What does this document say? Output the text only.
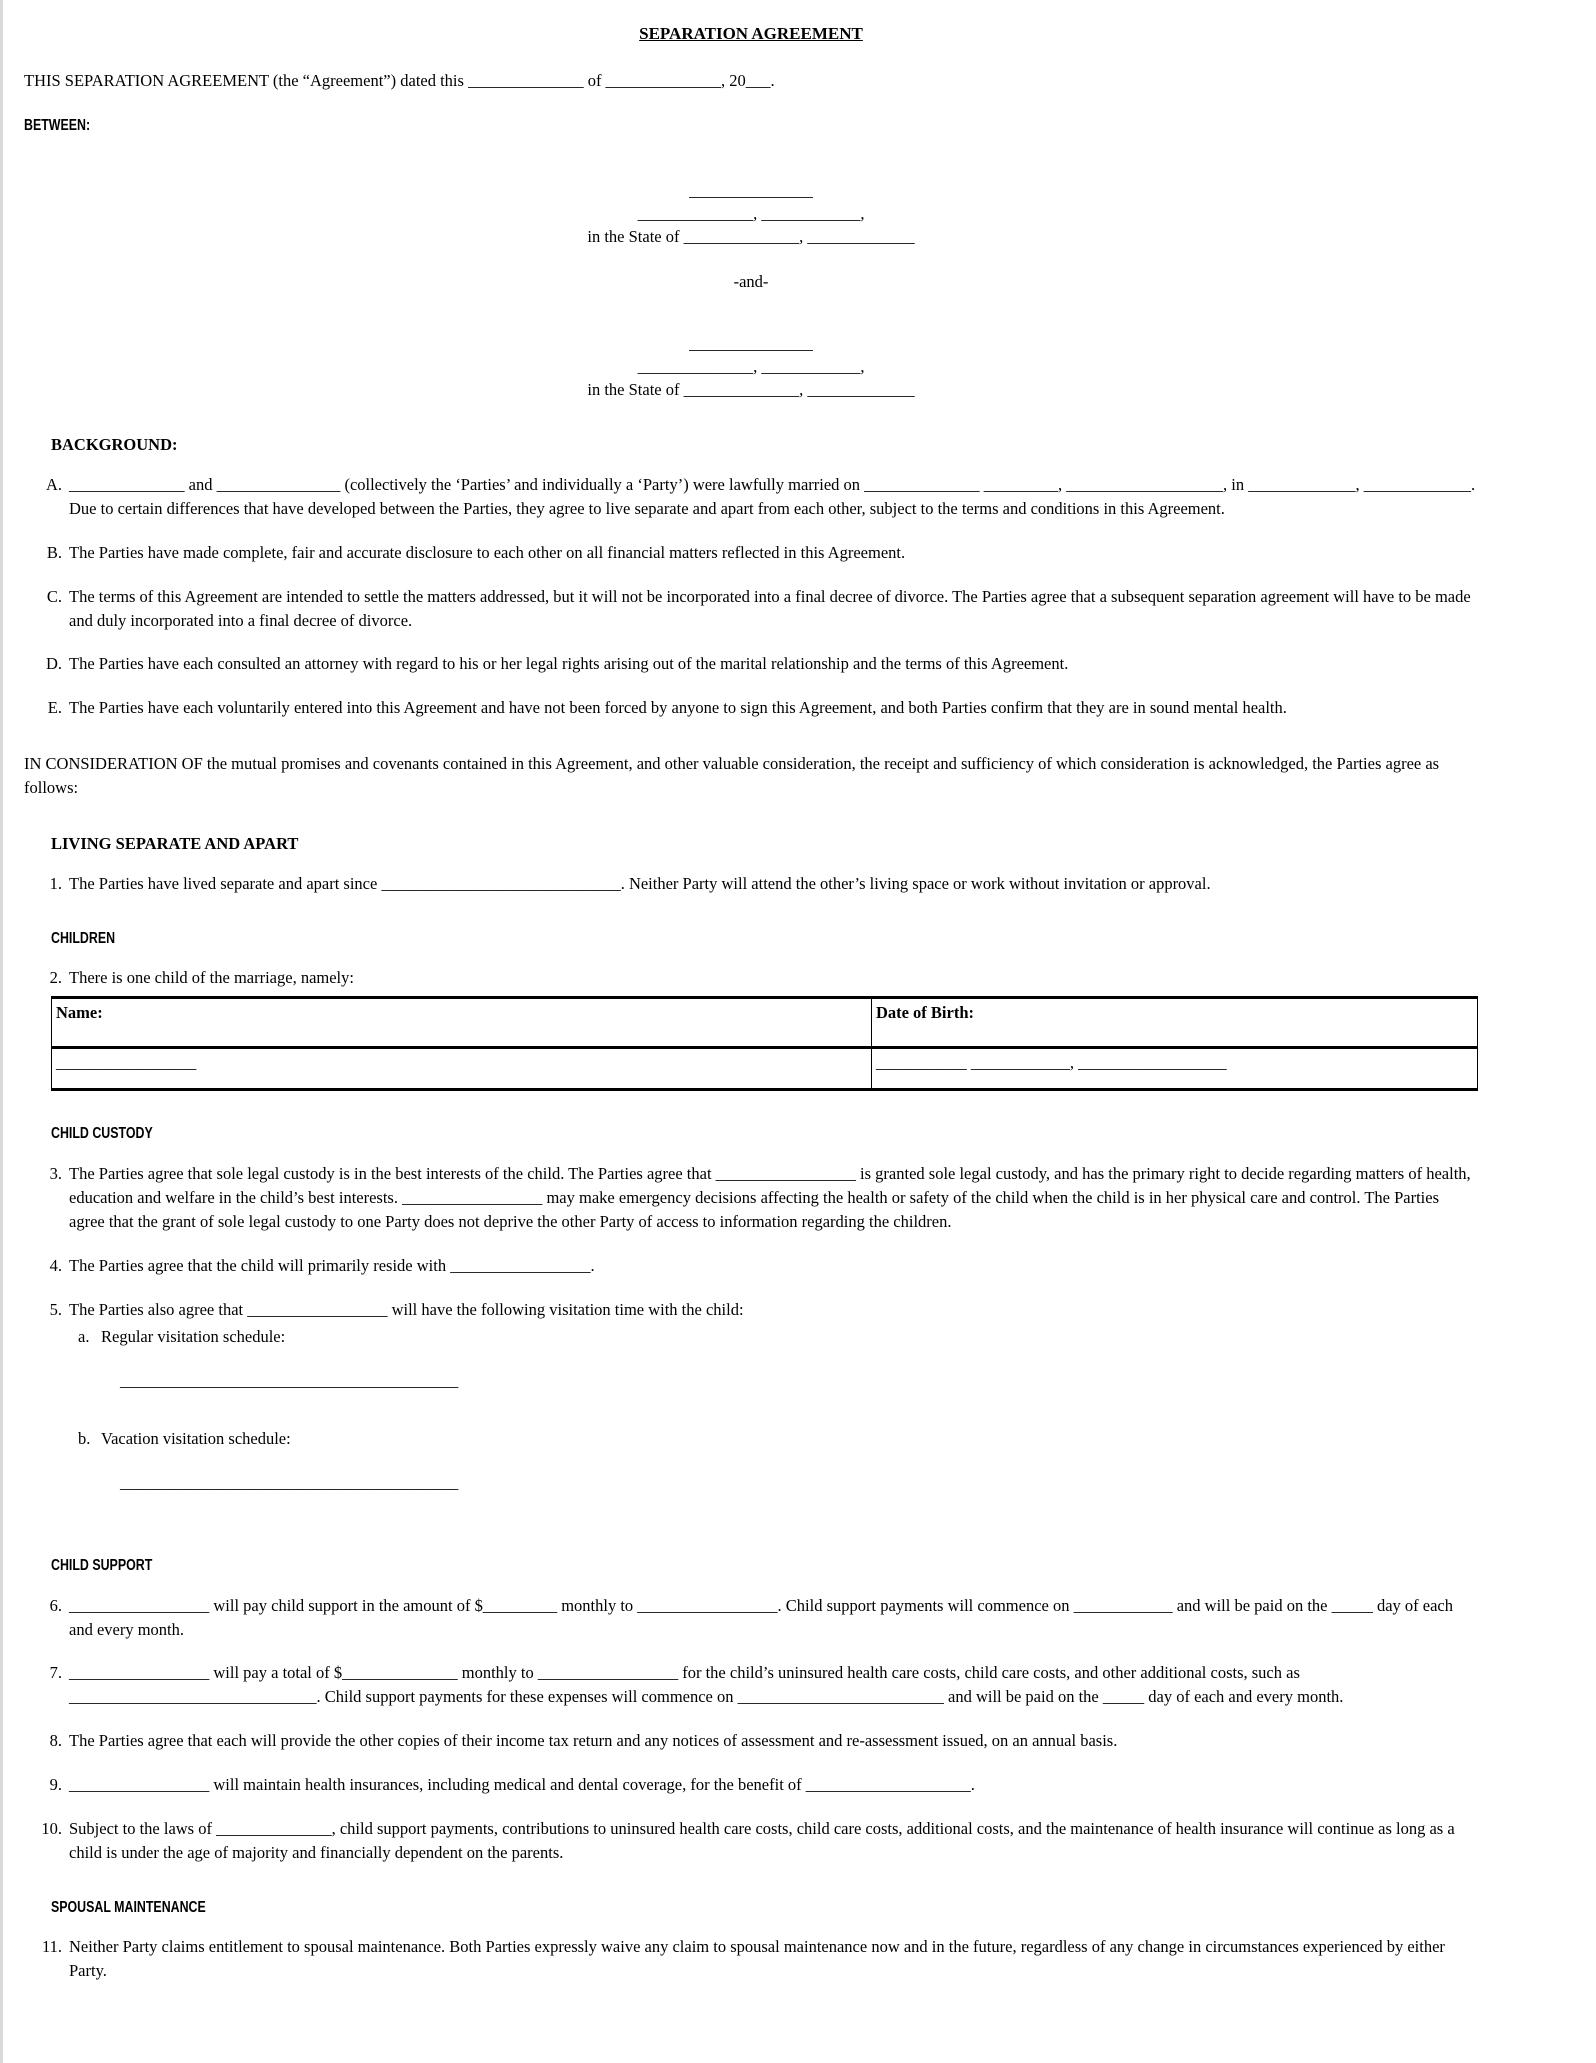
SEPARATION AGREEMENT

THIS SEPARATION AGREEMENT (the “Agreement”) dated this ______________ of ______________, 20___.

BETWEEN:

_______________

______________, ____________,

in the State of ______________, _____________

-and-

_______________

______________, ____________,

in the State of ______________, _____________

BACKGROUND:
A. ______________ and _______________ (collectively the ‘Parties’ and individually a ‘Party’) were lawfully married on ______________ _________, ___________________, in _____________, _____________. Due to certain differences that have developed between the Parties, they agree to live separate and apart from each other, subject to the terms and conditions in this Agreement.
B. The Parties have made complete, fair and accurate disclosure to each other on all financial matters reflected in this Agreement.
C. The terms of this Agreement are intended to settle the matters addressed, but it will not be incorporated into a final decree of divorce. The Parties agree that a subsequent separation agreement will have to be made and duly incorporated into a final decree of divorce.
D. The Parties have each consulted an attorney with regard to his or her legal rights arising out of the marital relationship and the terms of this Agreement.
E. The Parties have each voluntarily entered into this Agreement and have not been forced by anyone to sign this Agreement, and both Parties confirm that they are in sound mental health.

IN CONSIDERATION OF the mutual promises and covenants contained in this Agreement, and other valuable consideration, the receipt and sufficiency of which consideration is acknowledged, the Parties agree as follows:

LIVING SEPARATE AND APART
1. The Parties have lived separate and apart since _____________________________. Neither Party will attend the other’s living space or work without invitation or approval.
CHILDREN
2. There is one child of the marriage, namely:
Name:	Date of Birth:
_________________	___________ ____________, __________________
CHILD CUSTODY
3. The Parties agree that sole legal custody is in the best interests of the child. The Parties agree that _________________ is granted sole legal custody, and has the primary right to decide regarding matters of health, education and welfare in the child’s best interests. _________________ may make emergency decisions affecting the health or safety of the child when the child is in her physical care and control. The Parties agree that the grant of sole legal custody to one Party does not deprive the other Party of access to information regarding the children.
4. The Parties agree that the child will primarily reside with _________________.
5. The Parties also agree that _________________ will have the following visitation time with the child:
a. Regular visitation schedule:

_________________________________________

b. Vacation visitation schedule:

_________________________________________

CHILD SUPPORT
6. _________________ will pay child support in the amount of $_________ monthly to _________________. Child support payments will commence on ____________ and will be paid on the _____ day of each and every month.
7. _________________ will pay a total of $______________ monthly to _________________ for the child’s uninsured health care costs, child care costs, and other additional costs, such as ______________________________. Child support payments for these expenses will commence on _________________________ and will be paid on the _____ day of each and every month.
8. The Parties agree that each will provide the other copies of their income tax return and any notices of assessment and re-assessment issued, on an annual basis.
9. _________________ will maintain health insurances, including medical and dental coverage, for the benefit of ____________________.
10. Subject to the laws of ______________, child support payments, contributions to uninsured health care costs, child care costs, additional costs, and the maintenance of health insurance will continue as long as a child is under the age of majority and financially dependent on the parents.
SPOUSAL MAINTENANCE
11. Neither Party claims entitlement to spousal maintenance. Both Parties expressly waive any claim to spousal maintenance now and in the future, regardless of any change in circumstances experienced by either Party.
